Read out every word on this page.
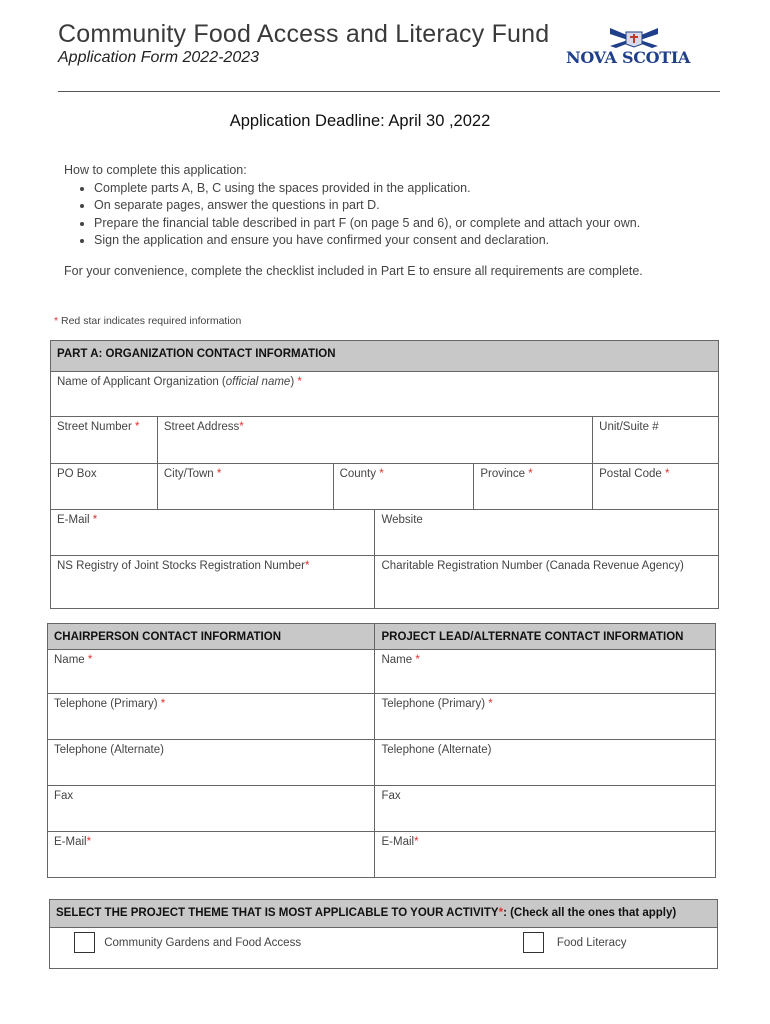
Community Food Access and Literacy Fund
Application Form 2022-2023	NOVA SCOTIA
Application Deadline: April 30 ,2022
How to complete this application:
• Complete parts A, B, C using the spaces provided in the application.
• On separate pages, answer the questions in part D.
• Prepare the financial table described in part F (on page 5 and 6), or complete and attach your own.
• Sign the application and ensure you have confirmed your consent and declaration.
For your convenience, complete the checklist included in Part E to ensure all requirements are complete.
* Red star indicates required information
PART A: ORGANIZATION CONTACT INFORMATION					
Name of Applicant Organization (official name) *					
Street Number *	Street Address*				Unit/Suite #
PO Box	City/Town *	County *		Province *	Postal Code *
E-Mail *			Website		
NS Registry of Joint Stocks Registration Number*			Charitable Registration Number (Canada Revenue Agency)		
CHAIRPERSON CONTACT INFORMATION	PROJECT LEAD/ALTERNATE CONTACT INFORMATION
Name *	Name *
Telephone (Primary) *	Telephone (Primary) *
Telephone (Alternate)	Telephone (Alternate)
Fax	Fax
E-Mail*	E-Mail*
SELECT THE PROJECT THEME THAT IS MOST APPLICABLE TO YOUR ACTIVITY*: (Check all the ones that apply)
Community Gardens and Food Access	Food Literacy
